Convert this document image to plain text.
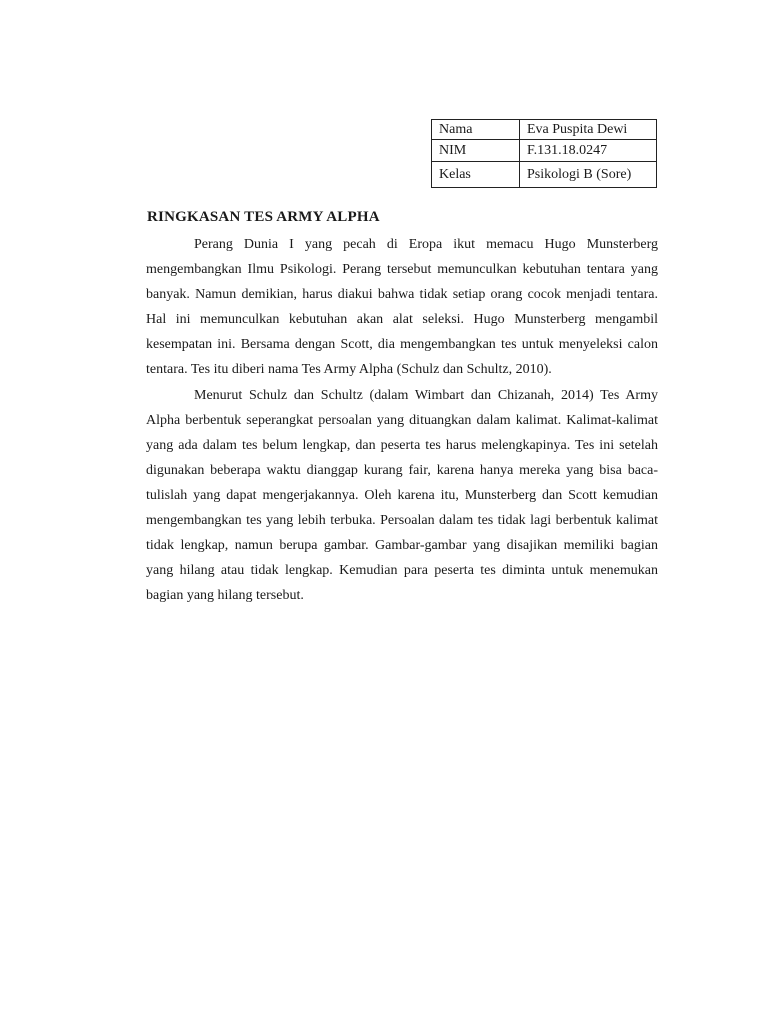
Nama	Eva Puspita Dewi
NIM	F.131.18.0247
Kelas	Psikologi B (Sore)
RINGKASAN TES ARMY ALPHA

Perang Dunia I yang pecah di Eropa ikut memacu Hugo Munsterberg mengembangkan Ilmu Psikologi. Perang tersebut memunculkan kebutuhan tentara yang banyak. Namun demikian, harus diakui bahwa tidak setiap orang cocok menjadi tentara. Hal ini memunculkan kebutuhan akan alat seleksi. Hugo Munsterberg mengambil kesempatan ini. Bersama dengan Scott, dia mengembangkan tes untuk menyeleksi calon tentara. Tes itu diberi nama Tes Army Alpha (Schulz dan Schultz, 2010).

Menurut Schulz dan Schultz (dalam Wimbart dan Chizanah, 2014) Tes Army Alpha berbentuk seperangkat persoalan yang dituangkan dalam kalimat. Kalimat-kalimat yang ada dalam tes belum lengkap, dan peserta tes harus melengkapinya. Tes ini setelah digunakan beberapa waktu dianggap kurang fair, karena hanya mereka yang bisa baca-tulislah yang dapat mengerjakannya. Oleh karena itu, Munsterberg dan Scott kemudian mengembangkan tes yang lebih terbuka. Persoalan dalam tes tidak lagi berbentuk kalimat tidak lengkap, namun berupa gambar. Gambar-gambar yang disajikan memiliki bagian yang hilang atau tidak lengkap. Kemudian para peserta tes diminta untuk menemukan bagian yang hilang tersebut.
